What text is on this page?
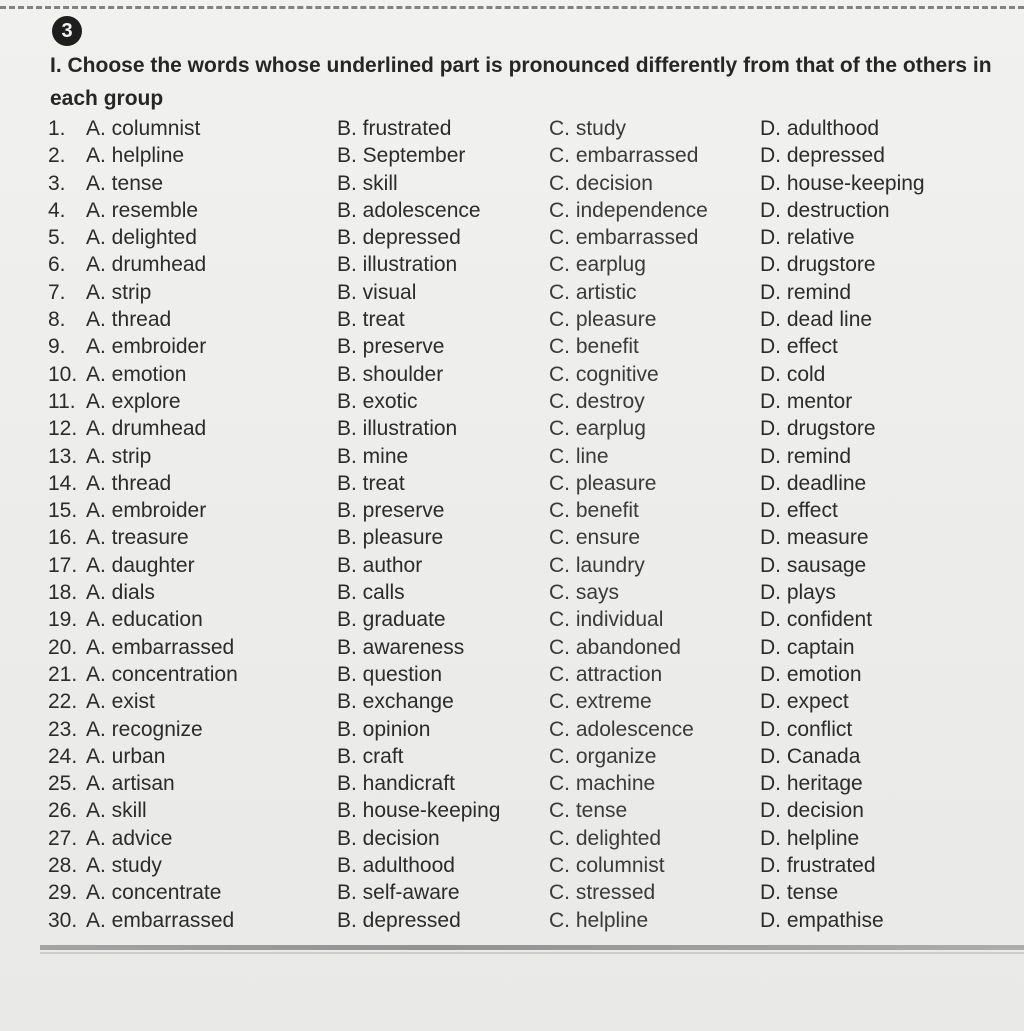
3

I. Choose the words whose underlined part is pronounced differently from that of the others in each group

1. A. columnist	B. frustrated	C. study	D. adulthood
2. A. helpline	B. September	C. embarrassed	D. depressed
3. A. tense	B. skill	C. decision	D. house-keeping
4. A. resemble	B. adolescence	C. independence D. destruction
5. A. delighted	B. depressed	C. embarrassed	D. relative
6. A. drumhead	B. illustration	C. earplug	D. drugstore
7. A. strip	B. visual	C. artistic	D. remind
8. A. thread	B. treat	C. pleasure	D. dead line
9. A. embroider	B. preserve	C. benefit	D. effect
10. A. emotion	B. shoulder	C. cognitive	D. cold
11. A. explore	B. exotic	C. destroy	D. mentor
12. A. drumhead	B. illustration	C. earplug	D. drugstore
13. A. strip	B. mine	C. line	D. remind
14. A. thread	B. treat	C. pleasure	D. deadline
15. A. embroider	B. preserve	C. benefit	D. effect
16. A. treasure	B. pleasure	C. ensure	D. measure
17. A. daughter	B. author	C. laundry	D. sausage
18. A. dials	B. calls	C. says	D. plays
19. A. education	B. graduate	C. individual	D. confident
20. A. embarrassed	B. awareness	C. abandoned	D. captain
21. A. concentration	B. question	C. attraction	D. emotion
22. A. exist	B. exchange	C. extreme	D. expect
23. A. recognize	B. opinion	C. adolescence	D. conflict
24. A. urban	B. craft	C. organize	D. Canada
25. A. artisan	B. handicraft	C. machine	D. heritage
26. A. skill	B. house-keeping C. tense	D. decision
27. A. advice	B. decision	C. delighted	D. helpline
28. A. study	B. adulthood	C. columnist	D. frustrated
29. A. concentrate	B. self-aware	C. stressed	D. tense
30. A. embarrassed	B. depressed	C. helpline	D. empathise
